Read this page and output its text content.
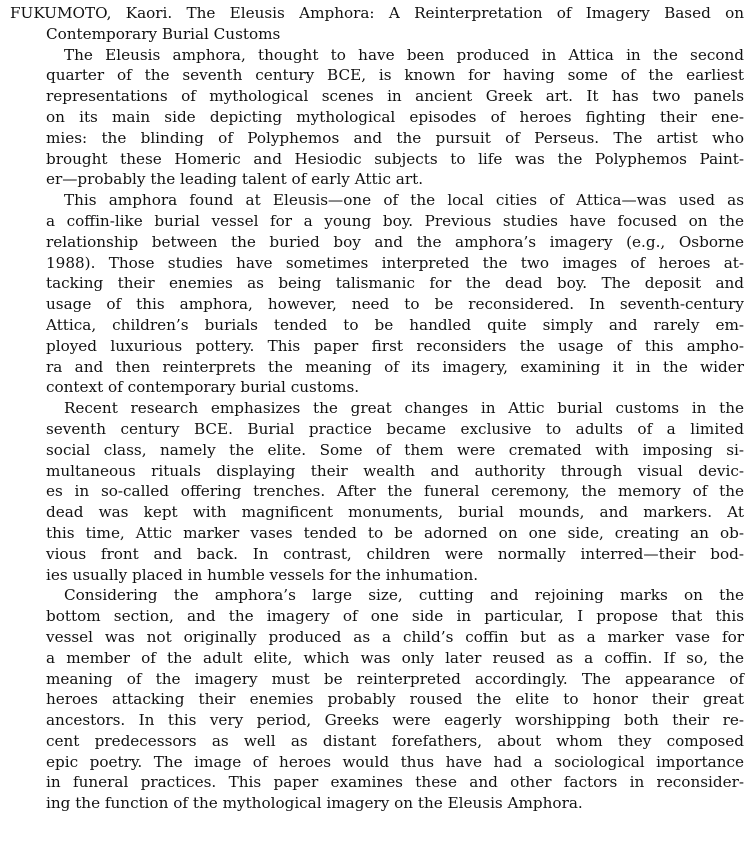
FUKUMOTO, Kaori. The Eleusis Amphora: A Reinterpretation of Imagery Based on
Contemporary Burial Customs
The Eleusis amphora, thought to have been produced in Attica in the second
quarter of the seventh century BCE, is known for having some of the earliest
representations of mythological scenes in ancient Greek art. It has two panels
on its main side depicting mythological episodes of heroes fighting their ene-
mies: the blinding of Polyphemos and the pursuit of Perseus. The artist who
brought these Homeric and Hesiodic subjects to life was the Polyphemos Paint-
er—probably the leading talent of early Attic art.
This amphora found at Eleusis—one of the local cities of Attica—was used as
a coffin-like burial vessel for a young boy. Previous studies have focused on the
relationship between the buried boy and the amphora’s imagery (e.g., Osborne
1988). Those studies have sometimes interpreted the two images of heroes at-
tacking their enemies as being talismanic for the dead boy. The deposit and
usage of this amphora, however, need to be reconsidered. In seventh-century
Attica, children’s burials tended to be handled quite simply and rarely em-
ployed luxurious pottery. This paper first reconsiders the usage of this ampho-
ra and then reinterprets the meaning of its imagery, examining it in the wider
context of contemporary burial customs.
Recent research emphasizes the great changes in Attic burial customs in the
seventh century BCE. Burial practice became exclusive to adults of a limited
social class, namely the elite. Some of them were cremated with imposing si-
multaneous rituals displaying their wealth and authority through visual devic-
es in so-called offering trenches. After the funeral ceremony, the memory of the
dead was kept with magnificent monuments, burial mounds, and markers. At
this time, Attic marker vases tended to be adorned on one side, creating an ob-
vious front and back. In contrast, children were normally interred—their bod-
ies usually placed in humble vessels for the inhumation.
Considering the amphora’s large size, cutting and rejoining marks on the
bottom section, and the imagery of one side in particular, I propose that this
vessel was not originally produced as a child’s coffin but as a marker vase for
a member of the adult elite, which was only later reused as a coffin. If so, the
meaning of the imagery must be reinterpreted accordingly. The appearance of
heroes attacking their enemies probably roused the elite to honor their great
ancestors. In this very period, Greeks were eagerly worshipping both their re-
cent predecessors as well as distant forefathers, about whom they composed
epic poetry. The image of heroes would thus have had a sociological importance
in funeral practices. This paper examines these and other factors in reconsider-
ing the function of the mythological imagery on the Eleusis Amphora.
